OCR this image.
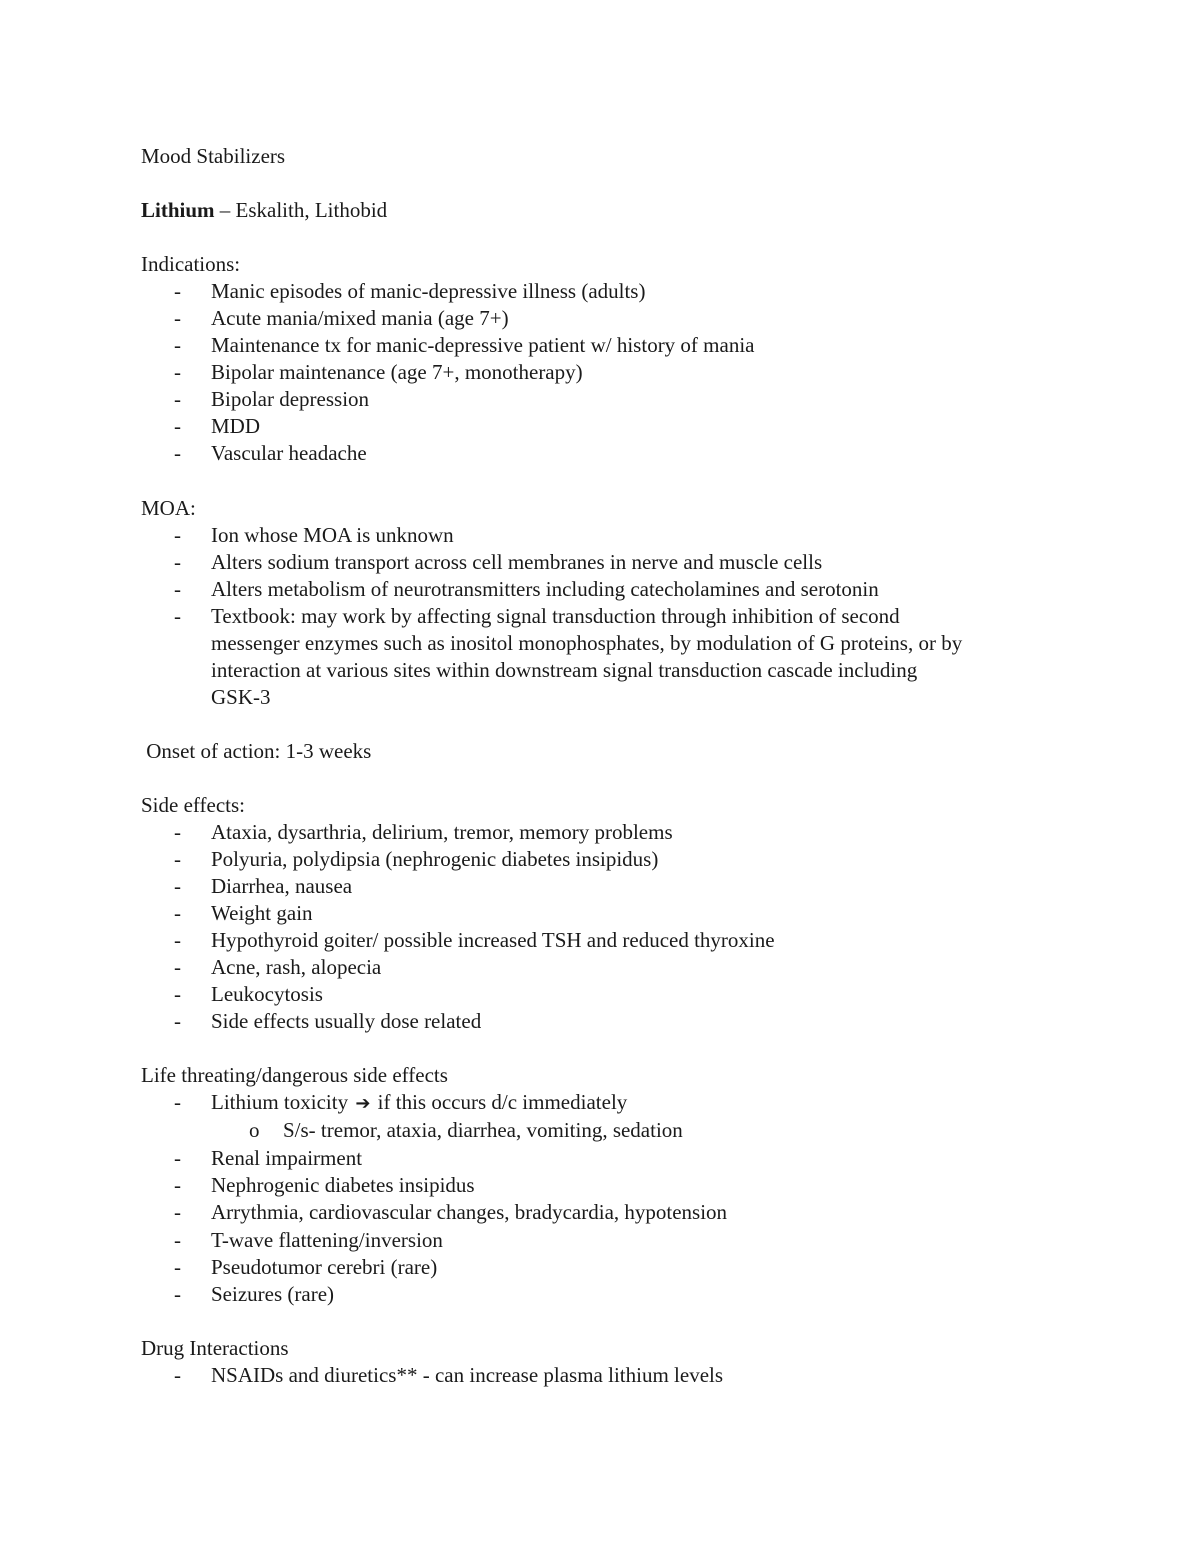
Mood Stabilizers
Lithium – Eskalith, Lithobid
Indications:
- Manic episodes of manic-depressive illness (adults)
- Acute mania/mixed mania (age 7+)
- Maintenance tx for manic-depressive patient w/ history of mania
- Bipolar maintenance (age 7+, monotherapy)
- Bipolar depression
- MDD
- Vascular headache
MOA:
- Ion whose MOA is unknown
- Alters sodium transport across cell membranes in nerve and muscle cells
- Alters metabolism of neurotransmitters including catecholamines and serotonin
- Textbook: may work by affecting signal transduction through inhibition of second
messenger enzymes such as inositol monophosphates, by modulation of G proteins, or by
interaction at various sites within downstream signal transduction cascade including
GSK-3
Onset of action: 1-3 weeks
Side effects:
- Ataxia, dysarthria, delirium, tremor, memory problems
- Polyuria, polydipsia (nephrogenic diabetes insipidus)
- Diarrhea, nausea
- Weight gain
- Hypothyroid goiter/ possible increased TSH and reduced thyroxine
- Acne, rash, alopecia
- Leukocytosis
- Side effects usually dose related
Life threating/dangerous side effects
- Lithium toxicity ➔ if this occurs d/c immediately
o S/s- tremor, ataxia, diarrhea, vomiting, sedation
- Renal impairment
- Nephrogenic diabetes insipidus
- Arrythmia, cardiovascular changes, bradycardia, hypotension
- T-wave flattening/inversion
- Pseudotumor cerebri (rare)
- Seizures (rare)
Drug Interactions
- NSAIDs and diuretics** - can increase plasma lithium levels
